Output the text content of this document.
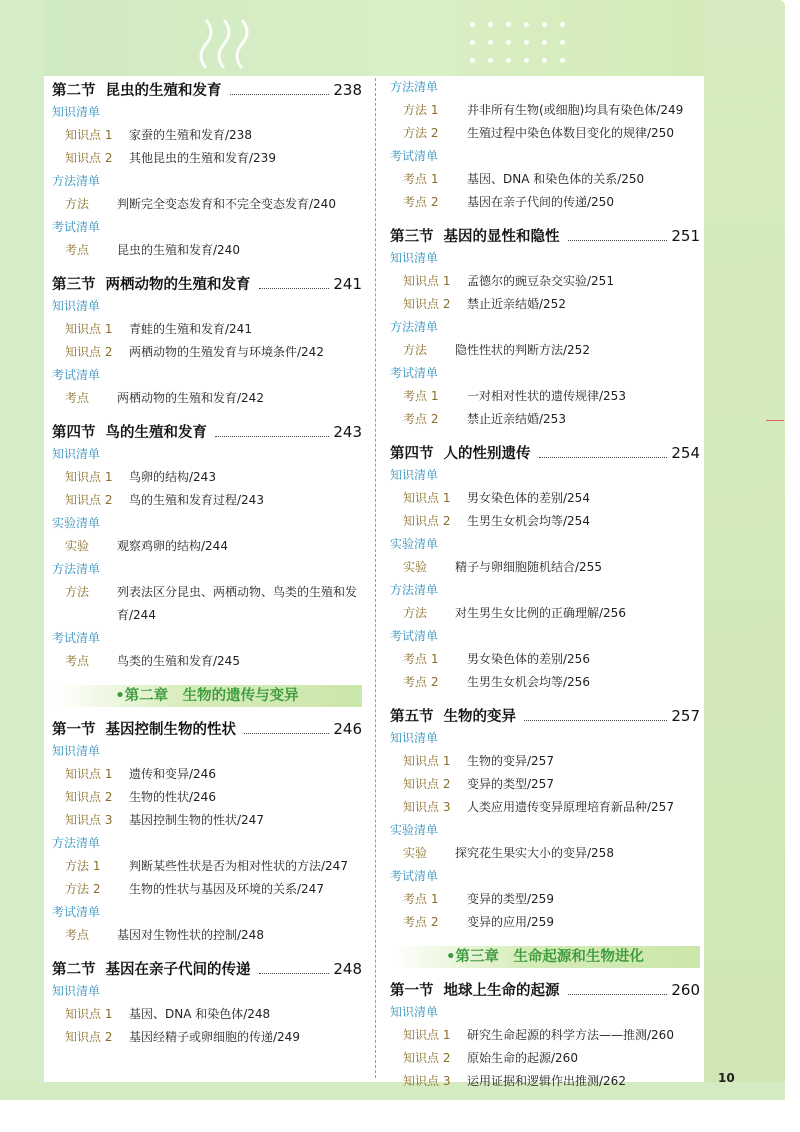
第二节 昆虫的生殖和发育	238
知识清单
知识点 1	家蚕的生殖和发育/238
知识点 2	其他昆虫的生殖和发育/239
方法清单
方法	判断完全变态发育和不完全变态发育/240
考试清单
考点	昆虫的生殖和发育/240
第三节 两栖动物的生殖和发育	241
知识清单
知识点 1	青蛙的生殖和发育/241
知识点 2	两栖动物的生殖发育与环境条件/242
考试清单
考点	两栖动物的生殖和发育/242
第四节 鸟的生殖和发育	243
知识清单
知识点 1	鸟卵的结构/243
知识点 2	鸟的生殖和发育过程/243
实验清单
实验	观察鸡卵的结构/244
方法清单
方法	列表法区分昆虫、两栖动物、鸟类的生殖和发育/244
考试清单
考点	鸟类的生殖和发育/245
•第二章　生物的遗传与变异
第一节 基因控制生物的性状	246
知识清单
知识点 1	遗传和变异/246
知识点 2	生物的性状/246
知识点 3	基因控制生物的性状/247
方法清单
方法 1	判断某些性状是否为相对性状的方法/247
方法 2	生物的性状与基因及环境的关系/247
考试清单
考点	基因对生物性状的控制/248
第二节 基因在亲子代间的传递	248
知识清单
知识点 1	基因、DNA 和染色体/248
知识点 2	基因经精子或卵细胞的传递/249
方法清单
方法 1	并非所有生物(或细胞)均具有染色体/249
方法 2	生殖过程中染色体数目变化的规律/250
考试清单
考点 1	基因、DNA 和染色体的关系/250
考点 2	基因在亲子代间的传递/250
第三节 基因的显性和隐性	251
知识清单
知识点 1	孟德尔的豌豆杂交实验/251
知识点 2	禁止近亲结婚/252
方法清单
方法	隐性性状的判断方法/252
考试清单
考点 1	一对相对性状的遗传规律/253
考点 2	禁止近亲结婚/253
第四节 人的性别遗传	254
知识清单
知识点 1	男女染色体的差别/254
知识点 2	生男生女机会均等/254
实验清单
实验	精子与卵细胞随机结合/255
方法清单
方法	对生男生女比例的正确理解/256
考试清单
考点 1	男女染色体的差别/256
考点 2	生男生女机会均等/256
第五节 生物的变异	257
知识清单
知识点 1	生物的变异/257
知识点 2	变异的类型/257
知识点 3	人类应用遗传变异原理培育新品种/257
实验清单
实验	探究花生果实大小的变异/258
考试清单
考点 1	变异的类型/259
考点 2	变异的应用/259
•第三章　生命起源和生物进化
第一节 地球上生命的起源	260
知识清单
知识点 1	研究生命起源的科学方法——推测/260
知识点 2	原始生命的起源/260
知识点 3	运用证据和逻辑作出推测/262	10
